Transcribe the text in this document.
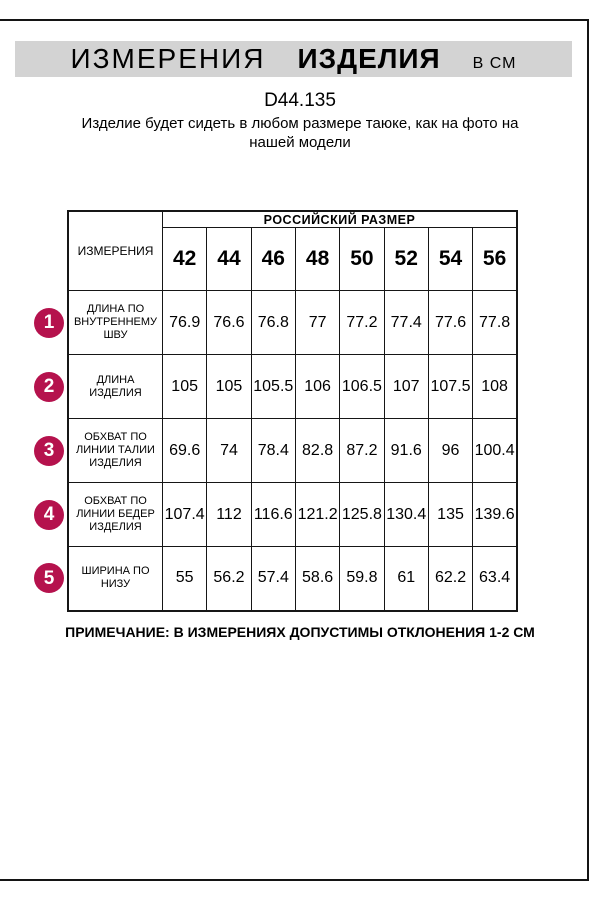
ИЗМЕРЕНИЯ ИЗДЕЛИЯ В СМ
D44.135
Изделие будет сидеть в любом размере таюке, как на фото на
нашей модели
ИЗМЕРЕНИЯ	РОССИЙСКИЙ РАЗМЕР							
	42	44	46	48	50	52	54	56

1
ДЛИНА ПО ВНУТРЕННЕМУ ШВУ	76.9	76.6	76.8	77	77.2	77.4	77.6	77.8

2 ДЛИНА ИЗДЕЛИЯ	105	105	105.5	106	106.5	107	107.5	108

3
ОБХВАТ ПО ЛИНИИ ТАЛИИ ИЗДЕЛИЯ	69.6	74	78.4	82.8	87.2	91.6	96	100.4

4
ОБХВАТ ПО ЛИНИИ БЕДЕР ИЗДЕЛИЯ	107.4	112	116.6	121.2	125.8	130.4	135	139.6

5 ШИРИНА ПО НИЗУ	55	56.2	57.4	58.6	59.8	61	62.2	63.4
ПРИМЕЧАНИЕ: В ИЗМЕРЕНИЯХ ДОПУСТИМЫ ОТКЛОНЕНИЯ 1-2 СМ
